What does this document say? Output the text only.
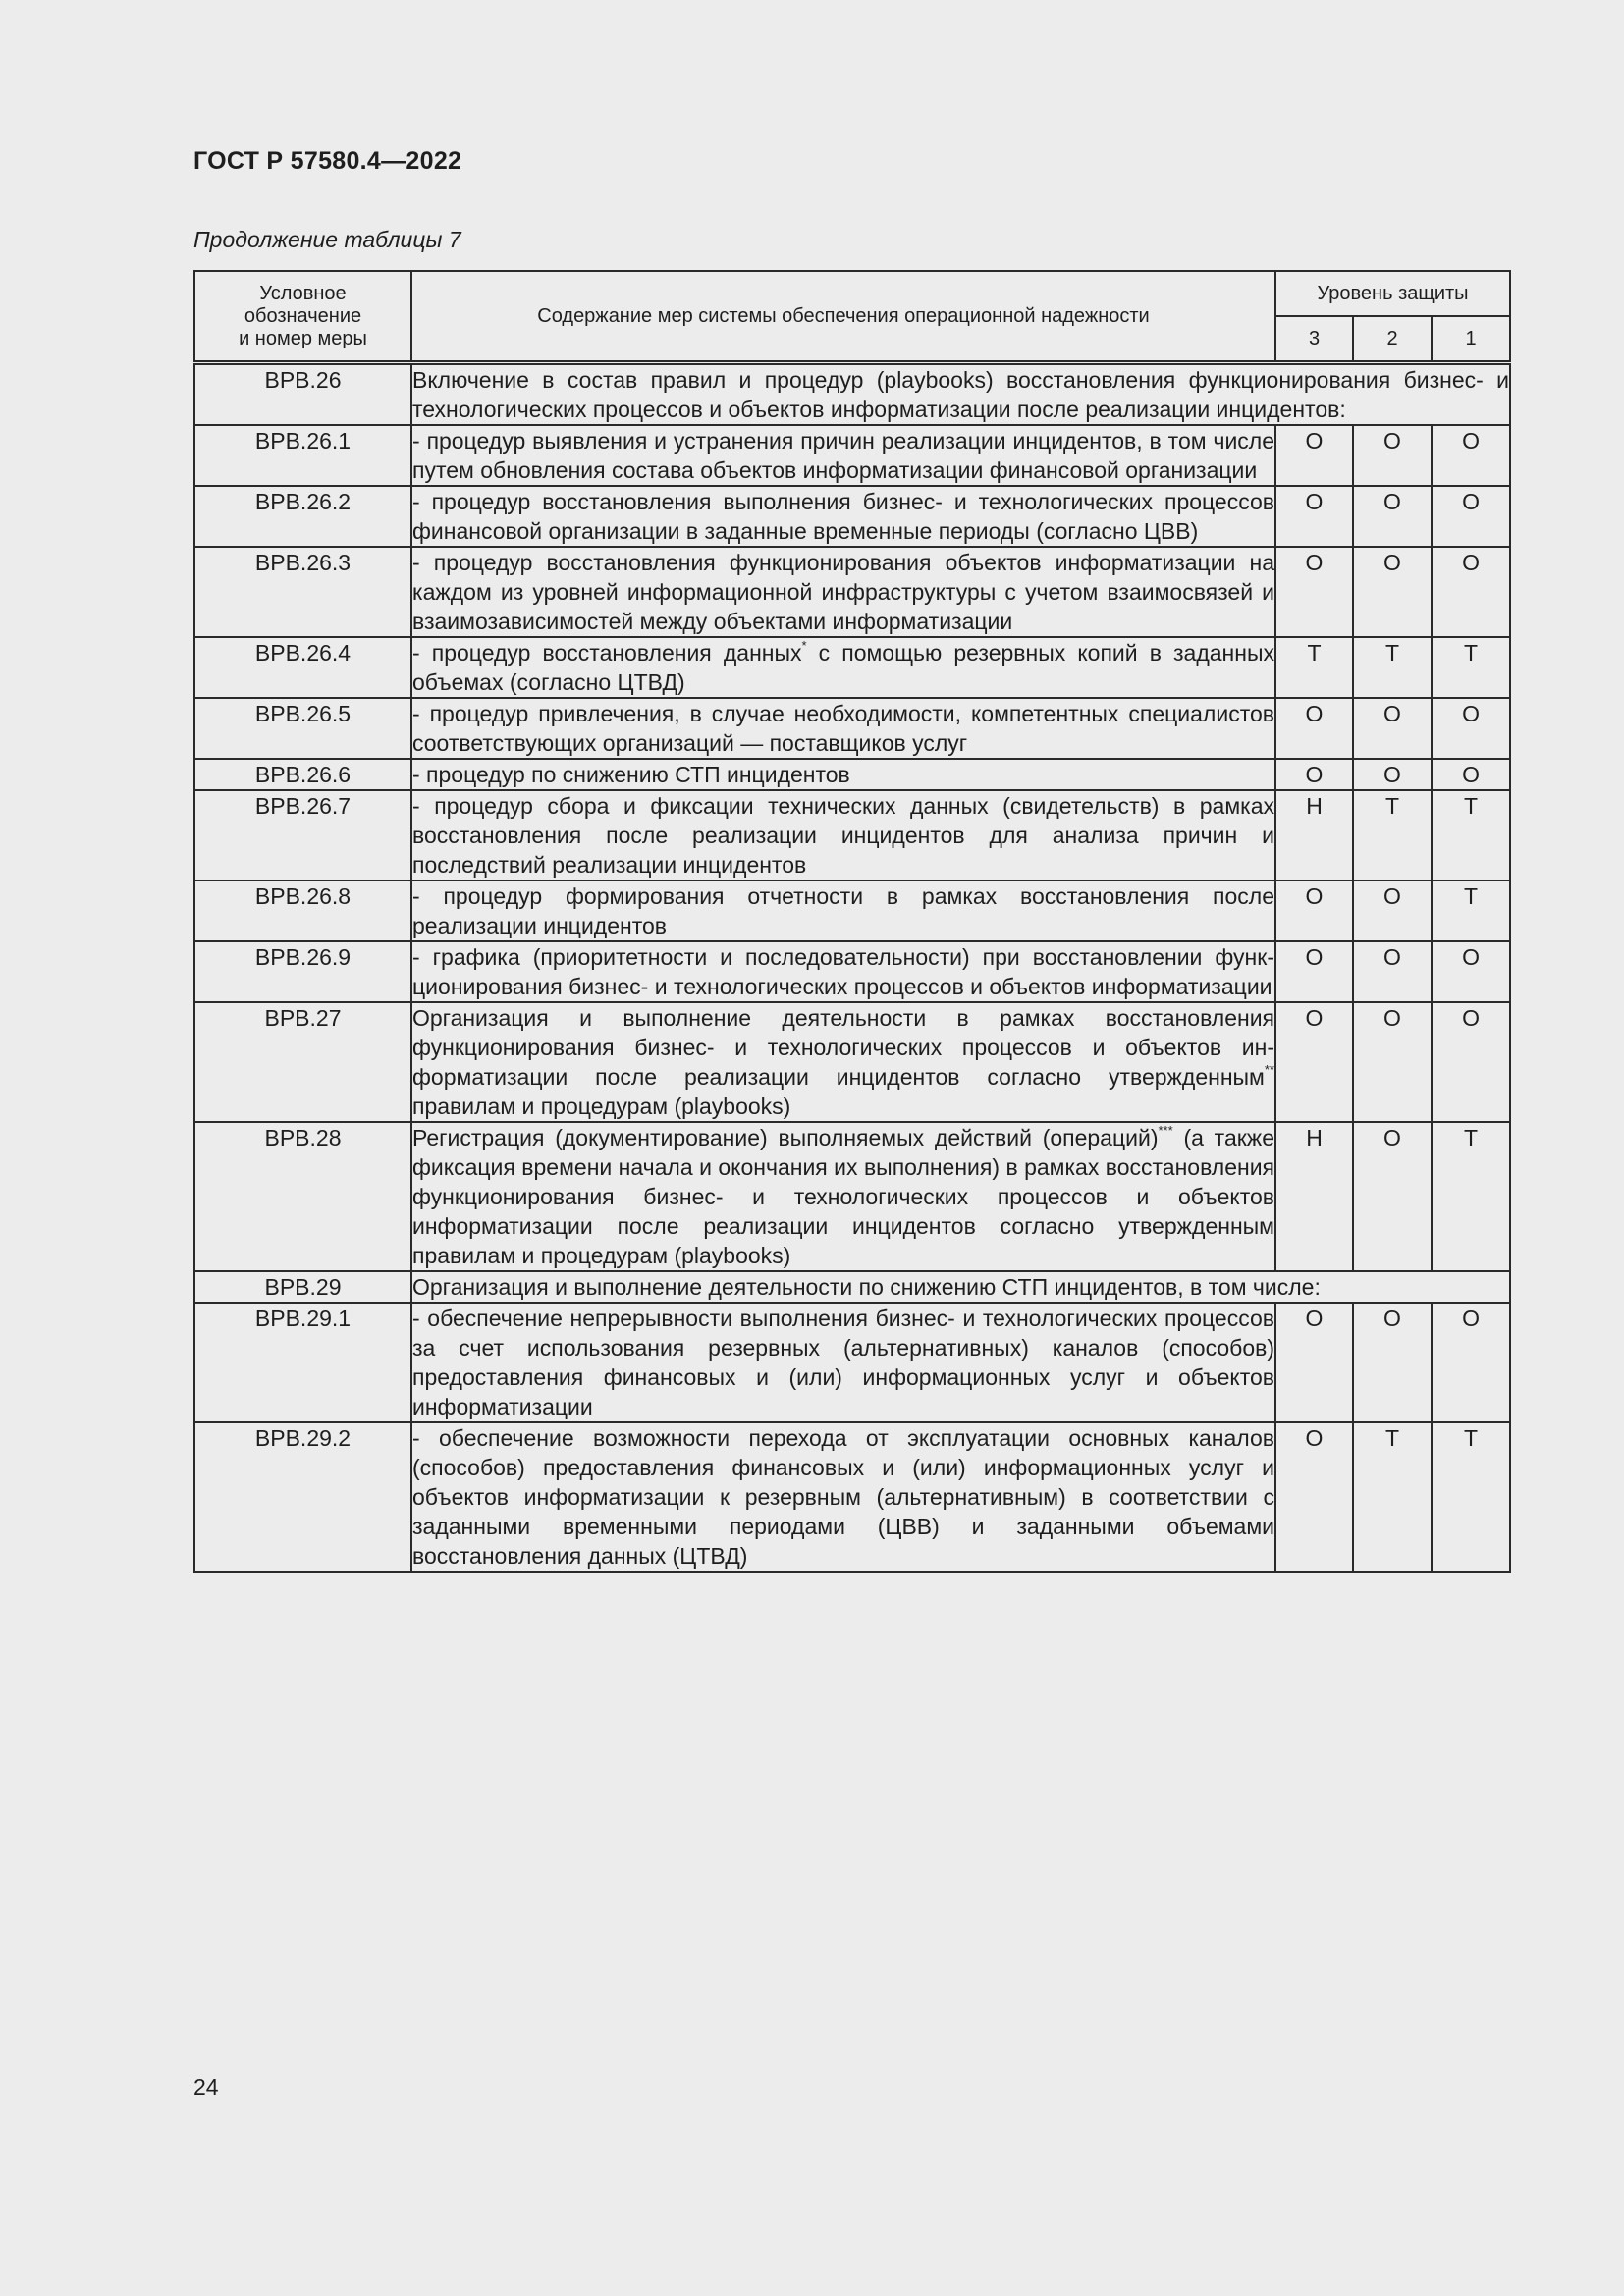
ГОСТ Р 57580.4—2022
Продолжение таблицы 7
Условное
обозначение
и номер меры	Содержание мер системы обеспечения операционной надежности	Уровень защиты		
		3	2	1
ВРВ.26	Включение в состав правил и процедур (playbooks) восстановления функционирования бизнес- и технологических процессов и объектов информатизации после реализации инцидентов:			
ВРВ.26.1	- процедур выявления и устранения причин реализации инцидентов, в том числе путем обновления состава объектов информатизации финансовой организации	О	О	О
ВРВ.26.2	- процедур восстановления выполнения бизнес- и технологических процессов финансовой организации в заданные временные периоды (согласно ЦВВ)	О	О	О
ВРВ.26.3	- процедур восстановления функционирования объектов информатизации на каждом из уровней информационной инфраструктуры с учетом взаимосвязей и взаимозависимостей между объектами информатизации	О	О	О
ВРВ.26.4	- процедур восстановления данных* с помощью резервных копий в заданных объемах (согласно ЦТВД)	Т	Т	Т
ВРВ.26.5	- процедур привлечения, в случае необходимости, компетентных специалистов соответствующих организаций — поставщиков услуг	О	О	О
ВРВ.26.6	- процедур по снижению СТП инцидентов	О	О	О
ВРВ.26.7	- процедур сбора и фиксации технических данных (свидетельств) в рамках восстановления после реализации инцидентов для анализа причин и последствий реализации инцидентов	Н	Т	Т
ВРВ.26.8	- процедур формирования отчетности в рамках восстановления после реализации инцидентов	О	О	Т
ВРВ.26.9	- графика (приоритетности и последовательности) при восстановлении функционирования бизнес- и технологических процессов и объектов информатизации	О	О	О
ВРВ.27	Организация и выполнение деятельности в рамках восстановления функционирования бизнес- и технологических процессов и объектов информатизации после реализации инцидентов согласно утвержденным** правилам и процедурам (playbooks)	О	О	О
ВРВ.28	Регистрация (документирование) выполняемых действий (операций)*** (а также фиксация времени начала и окончания их выполнения) в рамках восстановления функционирования бизнес- и технологических процессов и объектов информатизации после реализации инцидентов согласно утвержденным правилам и процедурам (playbooks)	Н	О	Т
ВРВ.29	Организация и выполнение деятельности по снижению СТП инцидентов, в том числе:			
ВРВ.29.1	- обеспечение непрерывности выполнения бизнес- и технологических процессов за счет использования резервных (альтернативных) каналов (способов) предоставления финансовых и (или) информационных услуг и объектов информатизации	О	О	О
ВРВ.29.2	- обеспечение возможности перехода от эксплуатации основных каналов (способов) предоставления финансовых и (или) информационных услуг и объектов информатизации к резервным (альтернативным) в соответствии с заданными временными периодами (ЦВВ) и заданными объемами восстановления данных (ЦТВД)	О	Т	Т
24
